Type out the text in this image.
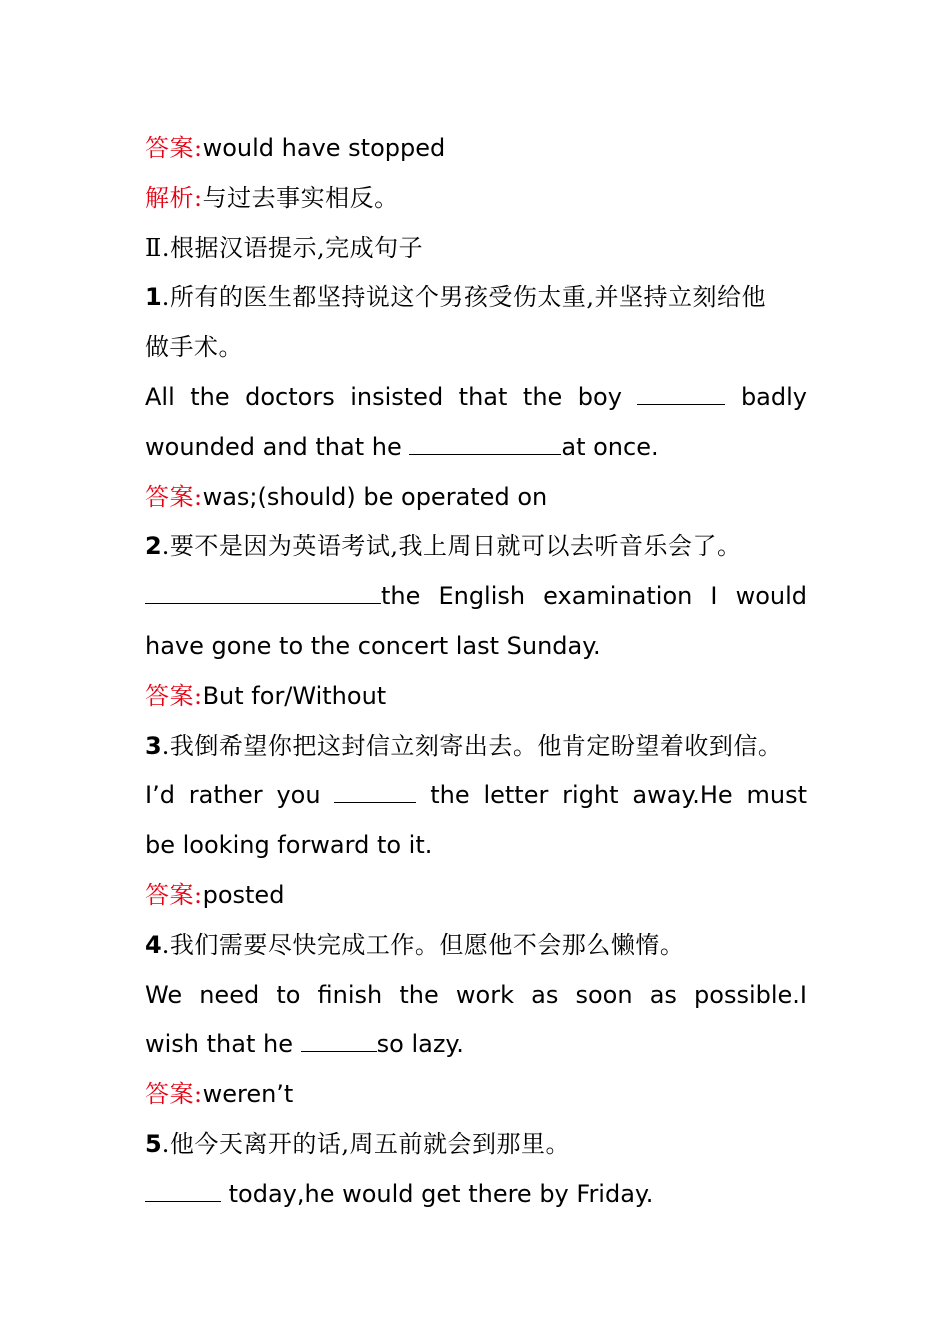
答案:would have stopped
解析:与过去事实相反。
Ⅱ.根据汉语提示,完成句子
1.所有的医生都坚持说这个男孩受伤太重,并坚持立刻给他
做手术。
All the doctors insisted that the boy	badly
wounded and that he	at once.
答案:was;(should) be operated on
2.要不是因为英语考试,我上周日就可以去听音乐会了。
the English examination I would
have gone to the concert last Sunday.
答案:But for/Without
3.我倒希望你把这封信立刻寄出去。他肯定盼望着收到信。
I’d rather you	the letter right away.He must
be looking forward to it.
答案:posted
4.我们需要尽快完成工作。但愿他不会那么懒惰。
We need to finish the work as soon as possible.I
wish that he	so lazy.
答案:weren’t
5.他今天离开的话,周五前就会到那里。
today,he would get there by Friday.
